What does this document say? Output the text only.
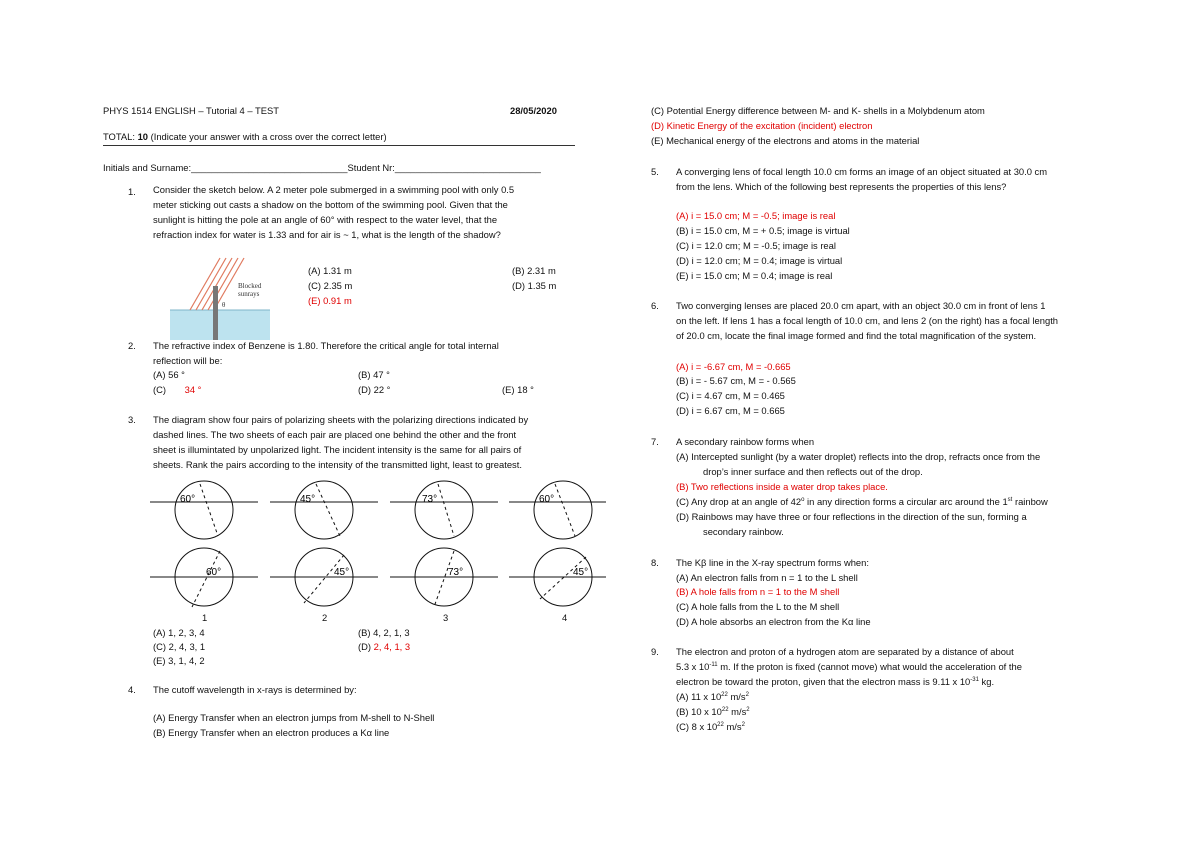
PHYS 1514 ENGLISH – Tutorial 4 – TEST	28/05/2020
TOTAL: 10 (Indicate your answer with a cross over the correct letter)
Initials and Surname:______________________________Student Nr:____________________________
1. Consider the sketch below. A 2 meter pole submerged in a swimming pool with only 0.5

meter sticking out casts a shadow on the bottom of the swimming pool. Given that the
sunlight is hitting the pole at an angle of 60° with respect to the water level, that the
refraction index for water is 1.33 and for air is ~ 1, what is the length of the shadow?
Blocked
sunrays
θ
(A) 1.31 m	(B) 2.31 m
(C) 2.35 m	(D) 1.35 m
(E) 0.91 m
2. The refractive index of Benzene is 1.80. Therefore the critical angle for total internal
reflection will be:
(A) 56 °	(B) 47 °
(C) 34 °	(D) 22 °	(E) 18 °
3. The diagram show four pairs of polarizing sheets with the polarizing directions indicated by
dashed lines. The two sheets of each pair are placed one behind the other and the front
sheet is illumintated by unpolarized light. The incident intensity is the same for all pairs of
sheets. Rank the pairs according to the intensity of the transmitted light, least to greatest.
60°	45°	73°	60°
60°	45°	73°	45°
1	2	3	4
(A) 1, 2, 3, 4	(B) 4, 2, 1, 3
(C) 2, 4, 3, 1	(D) 2, 4, 1, 3
(E) 3, 1, 4, 2
4. The cutoff wavelength in x-rays is determined by:
(A) Energy Transfer when an electron jumps from M-shell to N-Shell
(B) Energy Transfer when an electron produces a Kα line
(C) Potential Energy difference between M- and K- shells in a Molybdenum atom
(D) Kinetic Energy of the excitation (incident) electron
(E) Mechanical energy of the electrons and atoms in the material
5. A converging lens of focal length 10.0 cm forms an image of an object situated at 30.0 cm
from the lens. Which of the following best represents the properties of this lens?
(A) i = 15.0 cm; M = -0.5; image is real
(B) i = 15.0 cm, M = + 0.5; image is virtual
(C) i = 12.0 cm; M = -0.5; image is real
(D) i = 12.0 cm; M = 0.4; image is virtual
(E) i = 15.0 cm; M = 0.4; image is real
6. Two converging lenses are placed 20.0 cm apart, with an object 30.0 cm in front of lens 1
on the left. If lens 1 has a focal length of 10.0 cm, and lens 2 (on the right) has a focal length
of 20.0 cm, locate the final image formed and find the total magnification of the system.
(A) i = -6.67 cm, M = -0.665
(B) i = - 5.67 cm, M = - 0.565
(C) i = 4.67 cm, M = 0.465
(D) i = 6.67 cm, M = 0.665
7. A secondary rainbow forms when
(A) Intercepted sunlight (by a water droplet) reflects into the drop, refracts once from the
drop’s inner surface and then reflects out of the drop.
(B) Two reflections inside a water drop takes place.
(C) Any drop at an angle of 42$^o$ in any direction forms a circular arc around the 1st rainbow
(D) Rainbows may have three or four reflections in the direction of the sun, forming a
secondary rainbow.
8. The Kβ line in the X-ray spectrum forms when:
(A) An electron falls from n = 1 to the L shell
(B) A hole falls from n = 1 to the M shell
(C) A hole falls from the L to the M shell
(D) A hole absorbs an electron from the Kα line
9. The electron and proton of a hydrogen atom are separated by a distance of about
5.3 x $10^{-11}$ m. If the proton is fixed (cannot move) what would the acceleration of the
electron be toward the proton, given that the electron mass is 9.11 x $10^{-31}$ kg.
(A) 11 x $10^{22}$ $m/s^2$
(B) 10 x $10^{22}$ $m/s^2$
(C) 8 x $10^{22}$ $m/s^2$
